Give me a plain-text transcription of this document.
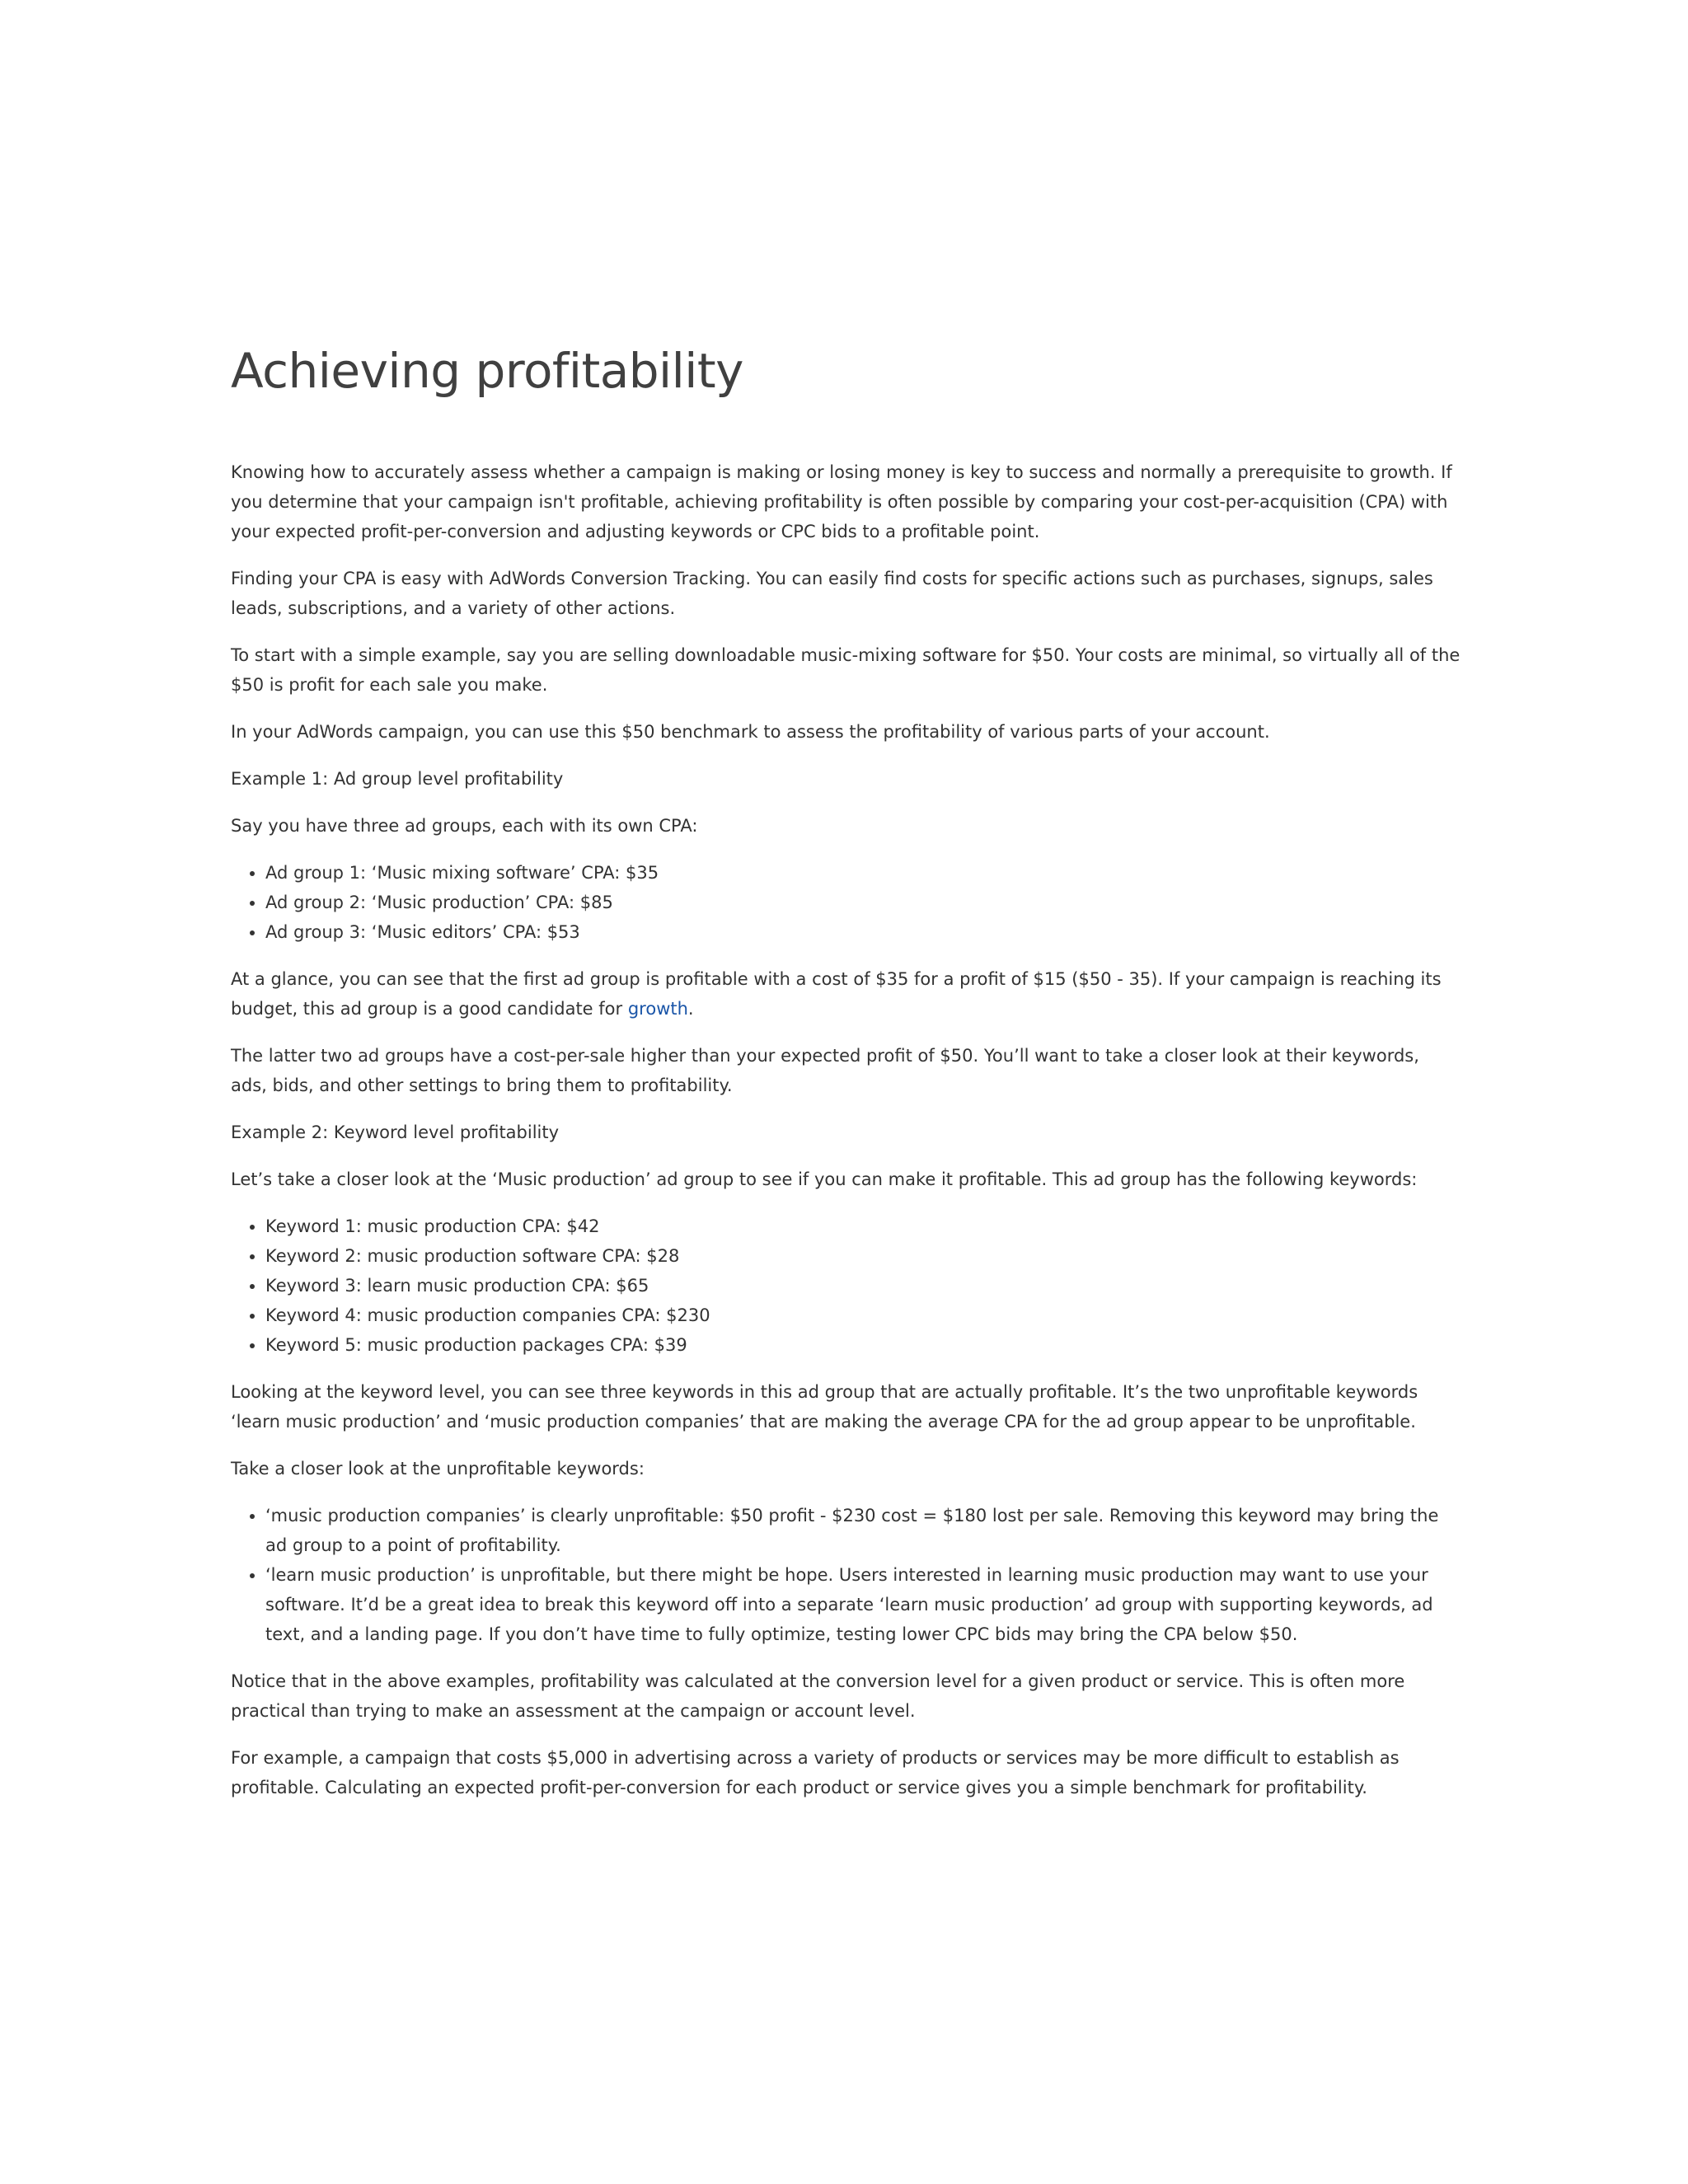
Achieving profitability

Knowing how to accurately assess whether a campaign is making or losing money is key to success and normally a prerequisite to growth. If you determine that your campaign isn't profitable, achieving profitability is often possible by comparing your cost-per-acquisition (CPA) with your expected profit-per-conversion and adjusting keywords or CPC bids to a profitable point.

Finding your CPA is easy with AdWords Conversion Tracking. You can easily find costs for specific actions such as purchases, signups, sales leads, subscriptions, and a variety of other actions.

To start with a simple example, say you are selling downloadable music-mixing software for $50. Your costs are minimal, so virtually all of the $50 is profit for each sale you make.

In your AdWords campaign, you can use this $50 benchmark to assess the profitability of various parts of your account.

Example 1: Ad group level profitability

Say you have three ad groups, each with its own CPA:

• Ad group 1: ‘Music mixing software’ CPA: $35
• Ad group 2: ‘Music production’ CPA: $85
• Ad group 3: ‘Music editors’ CPA: $53

At a glance, you can see that the first ad group is profitable with a cost of $35 for a profit of $15 ($50 - 35). If your campaign is reaching its budget, this ad group is a good candidate for growth.

The latter two ad groups have a cost-per-sale higher than your expected profit of $50. You’ll want to take a closer look at their keywords, ads, bids, and other settings to bring them to profitability.

Example 2: Keyword level profitability

Let’s take a closer look at the ‘Music production’ ad group to see if you can make it profitable. This ad group has the following keywords:

• Keyword 1: music production CPA: $42
• Keyword 2: music production software CPA: $28
• Keyword 3: learn music production CPA: $65
• Keyword 4: music production companies CPA: $230
• Keyword 5: music production packages CPA: $39

Looking at the keyword level, you can see three keywords in this ad group that are actually profitable. It’s the two unprofitable keywords ‘learn music production’ and ‘music production companies’ that are making the average CPA for the ad group appear to be unprofitable.

Take a closer look at the unprofitable keywords:

• ‘music production companies’ is clearly unprofitable: $50 profit - $230 cost = $180 lost per sale. Removing this keyword may bring the ad group to a point of profitability.
• ‘learn music production’ is unprofitable, but there might be hope. Users interested in learning music production may want to use your software. It’d be a great idea to break this keyword off into a separate ‘learn music production’ ad group with supporting keywords, ad text, and a landing page. If you don’t have time to fully optimize, testing lower CPC bids may bring the CPA below $50.

Notice that in the above examples, profitability was calculated at the conversion level for a given product or service. This is often more practical than trying to make an assessment at the campaign or account level.

For example, a campaign that costs $5,000 in advertising across a variety of products or services may be more difficult to establish as profitable. Calculating an expected profit-per-conversion for each product or service gives you a simple benchmark for profitability.
